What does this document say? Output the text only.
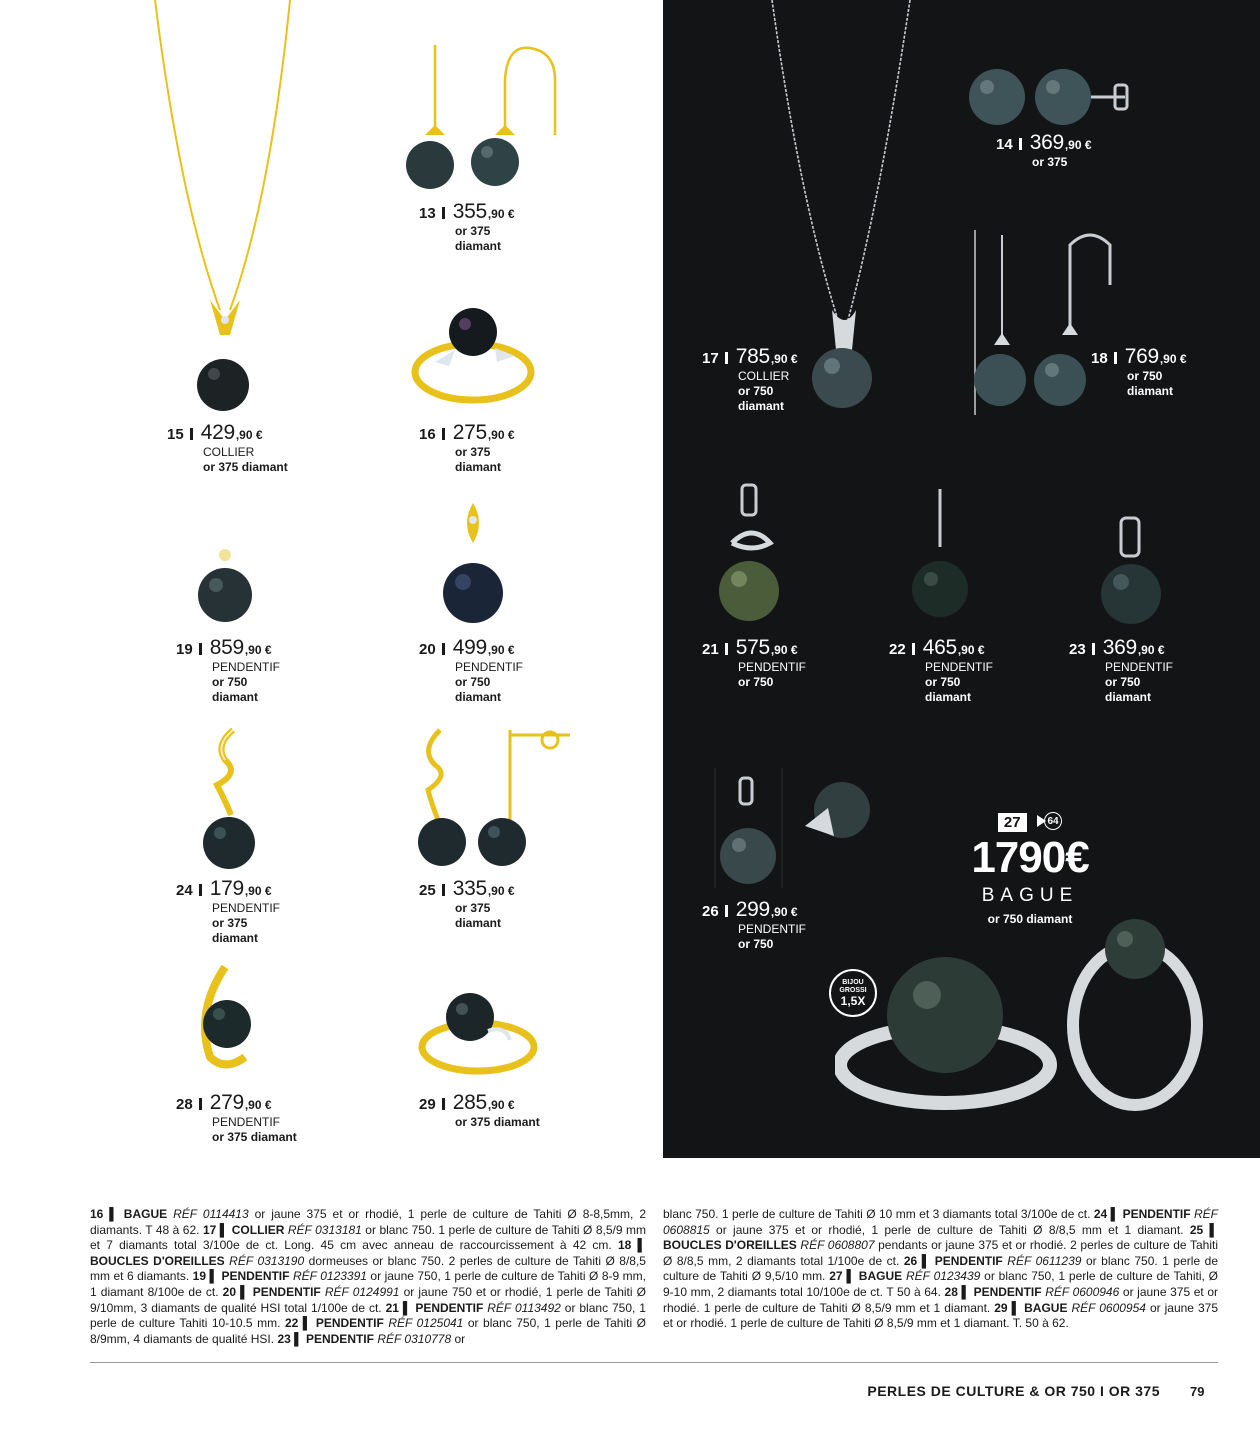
13 355 ,90 €
or 375
diamant
15 429 ,90 €
COLLIER
or 375 diamant
16 275 ,90 €
or 375
diamant
19 859 ,90 €
PENDENTIF
or 750
diamant
20 499 ,90 €
PENDENTIF
or 750
diamant
24 179 ,90 €
PENDENTIF
or 375
diamant
25 335 ,90 €
or 375
diamant
28 279 ,90 €
PENDENTIF
or 375 diamant
29 285 ,90 €
or 375 diamant
14 369 ,90 €
or 375
17 785 ,90 €
COLLIER
or 750
diamant
18 769 ,90 €
or 750
diamant
21 575 ,90 €
PENDENTIF
or 750
22 465 ,90 €
PENDENTIF
or 750
diamant
23 369 ,90 €
PENDENTIF
or 750
diamant
26 299 ,90 €
PENDENTIF
or 750
27	64
1790€
BAGUE
or 750 diamant
BIJOU
GROSSI
1,5X
16 ▌ BAGUE RÉF 0114413 or jaune 375 et or rhodié, 1 perle de culture de Tahiti Ø 8-8,5mm, 2 diamants. T 48 à 62. 17 ▌ COLLIER RÉF 0313181 or blanc 750. 1 perle de culture de Tahiti Ø 8,5/9 mm et 7 diamants total 3/100e de ct. Long. 45 cm avec anneau de raccourcissement à 42 cm. 18 ▌ BOUCLES D'OREILLES RÉF 0313190 dormeuses or blanc 750. 2 perles de culture de Tahiti Ø 8/8,5 mm et 6 diamants. 19 ▌ PENDENTIF RÉF 0123391 or jaune 750, 1 perle de culture de Tahiti Ø 8-9 mm, 1 diamant 8/100e de ct. 20 ▌ PENDENTIF RÉF 0124991 or jaune 750 et or rhodié, 1 perle de Tahiti Ø 9/10mm, 3 diamants de qualité HSI total 1/100e de ct. 21 ▌ PENDENTIF RÉF 0113492 or blanc 750, 1 perle de culture Tahiti 10-10.5 mm. 22 ▌ PENDENTIF RÉF 0125041 or blanc 750, 1 perle de Tahiti Ø 8/9mm, 4 diamants de qualité HSI. 23 ▌ PENDENTIF RÉF 0310778 or
blanc 750. 1 perle de culture de Tahiti Ø 10 mm et 3 diamants total 3/100e de ct. 24 ▌ PENDENTIF RÉF 0608815 or jaune 375 et or rhodié, 1 perle de culture de Tahiti Ø 8/8,5 mm et 1 diamant. 25 ▌ BOUCLES D'OREILLES RÉF 0608807 pendants or jaune 375 et or rhodié. 2 perles de culture de Tahiti Ø 8/8,5 mm, 2 diamants total 1/100e de ct. 26 ▌ PENDENTIF RÉF 0611239 or blanc 750. 1 perle de culture de Tahiti Ø 9,5/10 mm. 27 ▌ BAGUE RÉF 0123439 or blanc 750, 1 perle de culture de Tahiti, Ø 9-10 mm, 2 diamants total 10/100e de ct. T 50 à 64. 28 ▌ PENDENTIF RÉF 0600946 or jaune 375 et or rhodié. 1 perle de culture de Tahiti Ø 8,5/9 mm et 1 diamant. 29 ▌ BAGUE RÉF 0600954 or jaune 375 et or rhodié. 1 perle de culture de Tahiti Ø 8,5/9 mm et 1 diamant. T. 50 à 62.
PERLES DE CULTURE & OR 750 I OR 375 79
